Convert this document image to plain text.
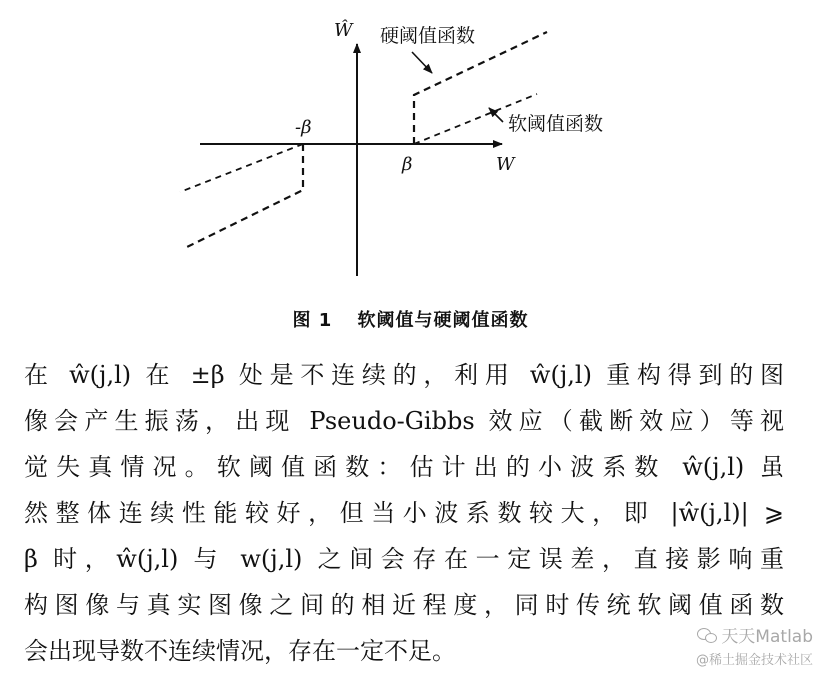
Ŵ
W
硬阈值函数
软阈值函数
-β
β
图 1 软阈值与硬阈值函数
在 ŵ(j,l) 在 ±β 处是不连续的，利用 ŵ(j,l) 重构得到的图
像会产生振荡，出现 Pseudo-Gibbs 效应（截断效应）等视
觉失真情况。软阈值函数：估计出的小波系数 ŵ(j,l) 虽
然整体连续性能较好，但当小波系数较大，即 |ŵ(j,l)| ⩾
β 时，ŵ(j,l) 与 w(j,l) 之间会存在一定误差，直接影响重
构图像与真实图像之间的相近程度，同时传统软阈值函数
会出现导数不连续情况，存在一定不足。	天天Matlab
@稀土掘金技术社区
